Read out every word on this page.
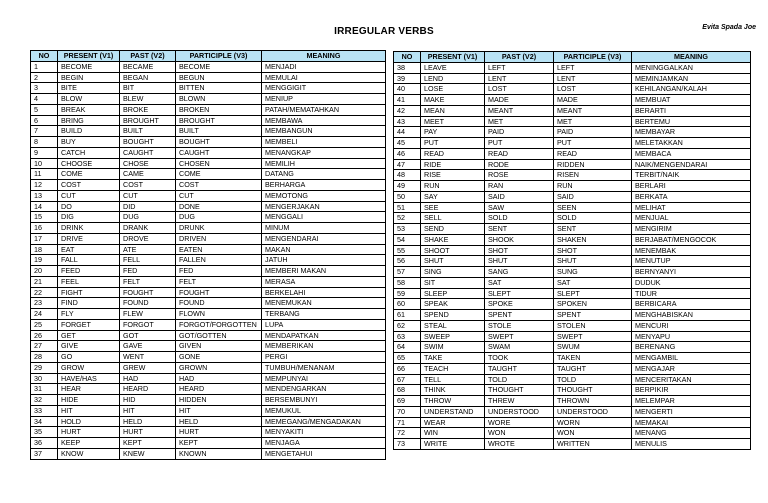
IRREGULAR VERBS	Evita Spada Joe
NO	PRESENT (V1)	PAST (V2)	PARTICIPLE (V3)	MEANING
1	BECOME	BECAME	BECOME	MENJADI
2	BEGIN	BEGAN	BEGUN	MEMULAI
3	BITE	BIT	BITTEN	MENGGIGIT
4	BLOW	BLEW	BLOWN	MENIUP
5	BREAK	BROKE	BROKEN	PATAH/MEMATAHKAN
6	BRING	BROUGHT	BROUGHT	MEMBAWA
7	BUILD	BUILT	BUILT	MEMBANGUN
8	BUY	BOUGHT	BOUGHT	MEMBELI
9	CATCH	CAUGHT	CAUGHT	MENANGKAP
10	CHOOSE	CHOSE	CHOSEN	MEMILIH
11	COME	CAME	COME	DATANG
12	COST	COST	COST	BERHARGA
13	CUT	CUT	CUT	MEMOTONG
14	DO	DID	DONE	MENGERJAKAN
15	DIG	DUG	DUG	MENGGALI
16	DRINK	DRANK	DRUNK	MINUM
17	DRIVE	DROVE	DRIVEN	MENGENDARAI
18	EAT	ATE	EATEN	MAKAN
19	FALL	FELL	FALLEN	JATUH
20	FEED	FED	FED	MEMBERI MAKAN
21	FEEL	FELT	FELT	MERASA
22	FIGHT	FOUGHT	FOUGHT	BERKELAHI
23	FIND	FOUND	FOUND	MENEMUKAN
24	FLY	FLEW	FLOWN	TERBANG
25	FORGET	FORGOT	FORGOT/FORGOTTEN	LUPA
26	GET	GOT	GOT/GOTTEN	MENDAPATKAN
27	GIVE	GAVE	GIVEN	MEMBERIKAN
28	GO	WENT	GONE	PERGI
29	GROW	GREW	GROWN	TUMBUH/MENANAM
30	HAVE/HAS	HAD	HAD	MEMPUNYAI
31	HEAR	HEARD	HEARD	MENDENGARKAN
32	HIDE	HID	HIDDEN	BERSEMBUNYI
33	HIT	HIT	HIT	MEMUKUL
34	HOLD	HELD	HELD	MEMEGANG/MENGADAKAN
35	HURT	HURT	HURT	MENYAKITI
36	KEEP	KEPT	KEPT	MENJAGA
37	KNOW	KNEW	KNOWN	MENGETAHUI
NO	PRESENT (V1)	PAST (V2)	PARTICIPLE (V3)	MEANING
38	LEAVE	LEFT	LEFT	MENINGGALKAN
39	LEND	LENT	LENT	MEMINJAMKAN
40	LOSE	LOST	LOST	KEHILANGAN/KALAH
41	MAKE	MADE	MADE	MEMBUAT
42	MEAN	MEANT	MEANT	BERARTI
43	MEET	MET	MET	BERTEMU
44	PAY	PAID	PAID	MEMBAYAR
45	PUT	PUT	PUT	MELETAKKAN
46	READ	READ	READ	MEMBACA
47	RIDE	RODE	RIDDEN	NAIK/MENGENDARAI
48	RISE	ROSE	RISEN	TERBIT/NAIK
49	RUN	RAN	RUN	BERLARI
50	SAY	SAID	SAID	BERKATA
51	SEE	SAW	SEEN	MELIHAT
52	SELL	SOLD	SOLD	MENJUAL
53	SEND	SENT	SENT	MENGIRIM
54	SHAKE	SHOOK	SHAKEN	BERJABAT/MENGOCOK
55	SHOOT	SHOT	SHOT	MENEMBAK
56	SHUT	SHUT	SHUT	MENUTUP
57	SING	SANG	SUNG	BERNYANYI
58	SIT	SAT	SAT	DUDUK
59	SLEEP	SLEPT	SLEPT	TIDUR
60	SPEAK	SPOKE	SPOKEN	BERBICARA
61	SPEND	SPENT	SPENT	MENGHABISKAN
62	STEAL	STOLE	STOLEN	MENCURI
63	SWEEP	SWEPT	SWEPT	MENYAPU
64	SWIM	SWAM	SWUM	BERENANG
65	TAKE	TOOK	TAKEN	MENGAMBIL
66	TEACH	TAUGHT	TAUGHT	MENGAJAR
67	TELL	TOLD	TOLD	MENCERITAKAN
68	THINK	THOUGHT	THOUGHT	BERPIKIR
69	THROW	THREW	THROWN	MELEMPAR
70	UNDERSTAND	UNDERSTOOD	UNDERSTOOD	MENGERTI
71	WEAR	WORE	WORN	MEMAKAI
72	WIN	WON	WON	MENANG
73	WRITE	WROTE	WRITTEN	MENULIS
